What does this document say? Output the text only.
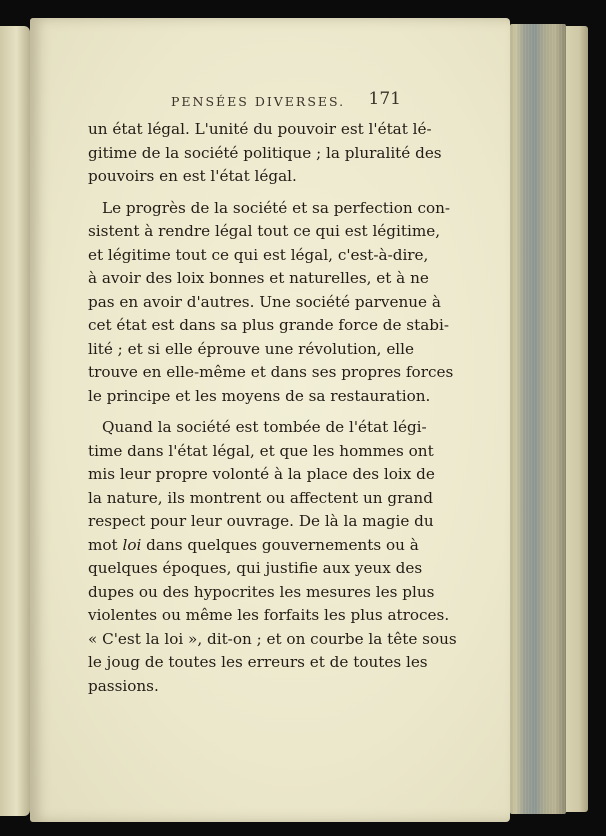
PENSÉES DIVERSES. 171
un état légal. L'unité du pouvoir est l'état lé-
gitime de la société politique ; la pluralité des
pouvoirs en est l'état légal.
Le progrès de la société et sa perfection con-
sistent à rendre légal tout ce qui est légitime,
et légitime tout ce qui est légal, c'est-à-dire,
à avoir des loix bonnes et naturelles, et à ne
pas en avoir d'autres. Une société parvenue à
cet état est dans sa plus grande force de stabi-
lité ; et si elle éprouve une révolution, elle
trouve en elle-même et dans ses propres forces
le principe et les moyens de sa restauration.
Quand la société est tombée de l'état légi-
time dans l'état légal, et que les hommes ont
mis leur propre volonté à la place des loix de
la nature, ils montrent ou affectent un grand
respect pour leur ouvrage. De là la magie du
mot loi dans quelques gouvernements ou à
quelques époques, qui justifie aux yeux des
dupes ou des hypocrites les mesures les plus
violentes ou même les forfaits les plus atroces.
« C'est la loi », dit-on ; et on courbe la tête sous
le joug de toutes les erreurs et de toutes les
passions.
